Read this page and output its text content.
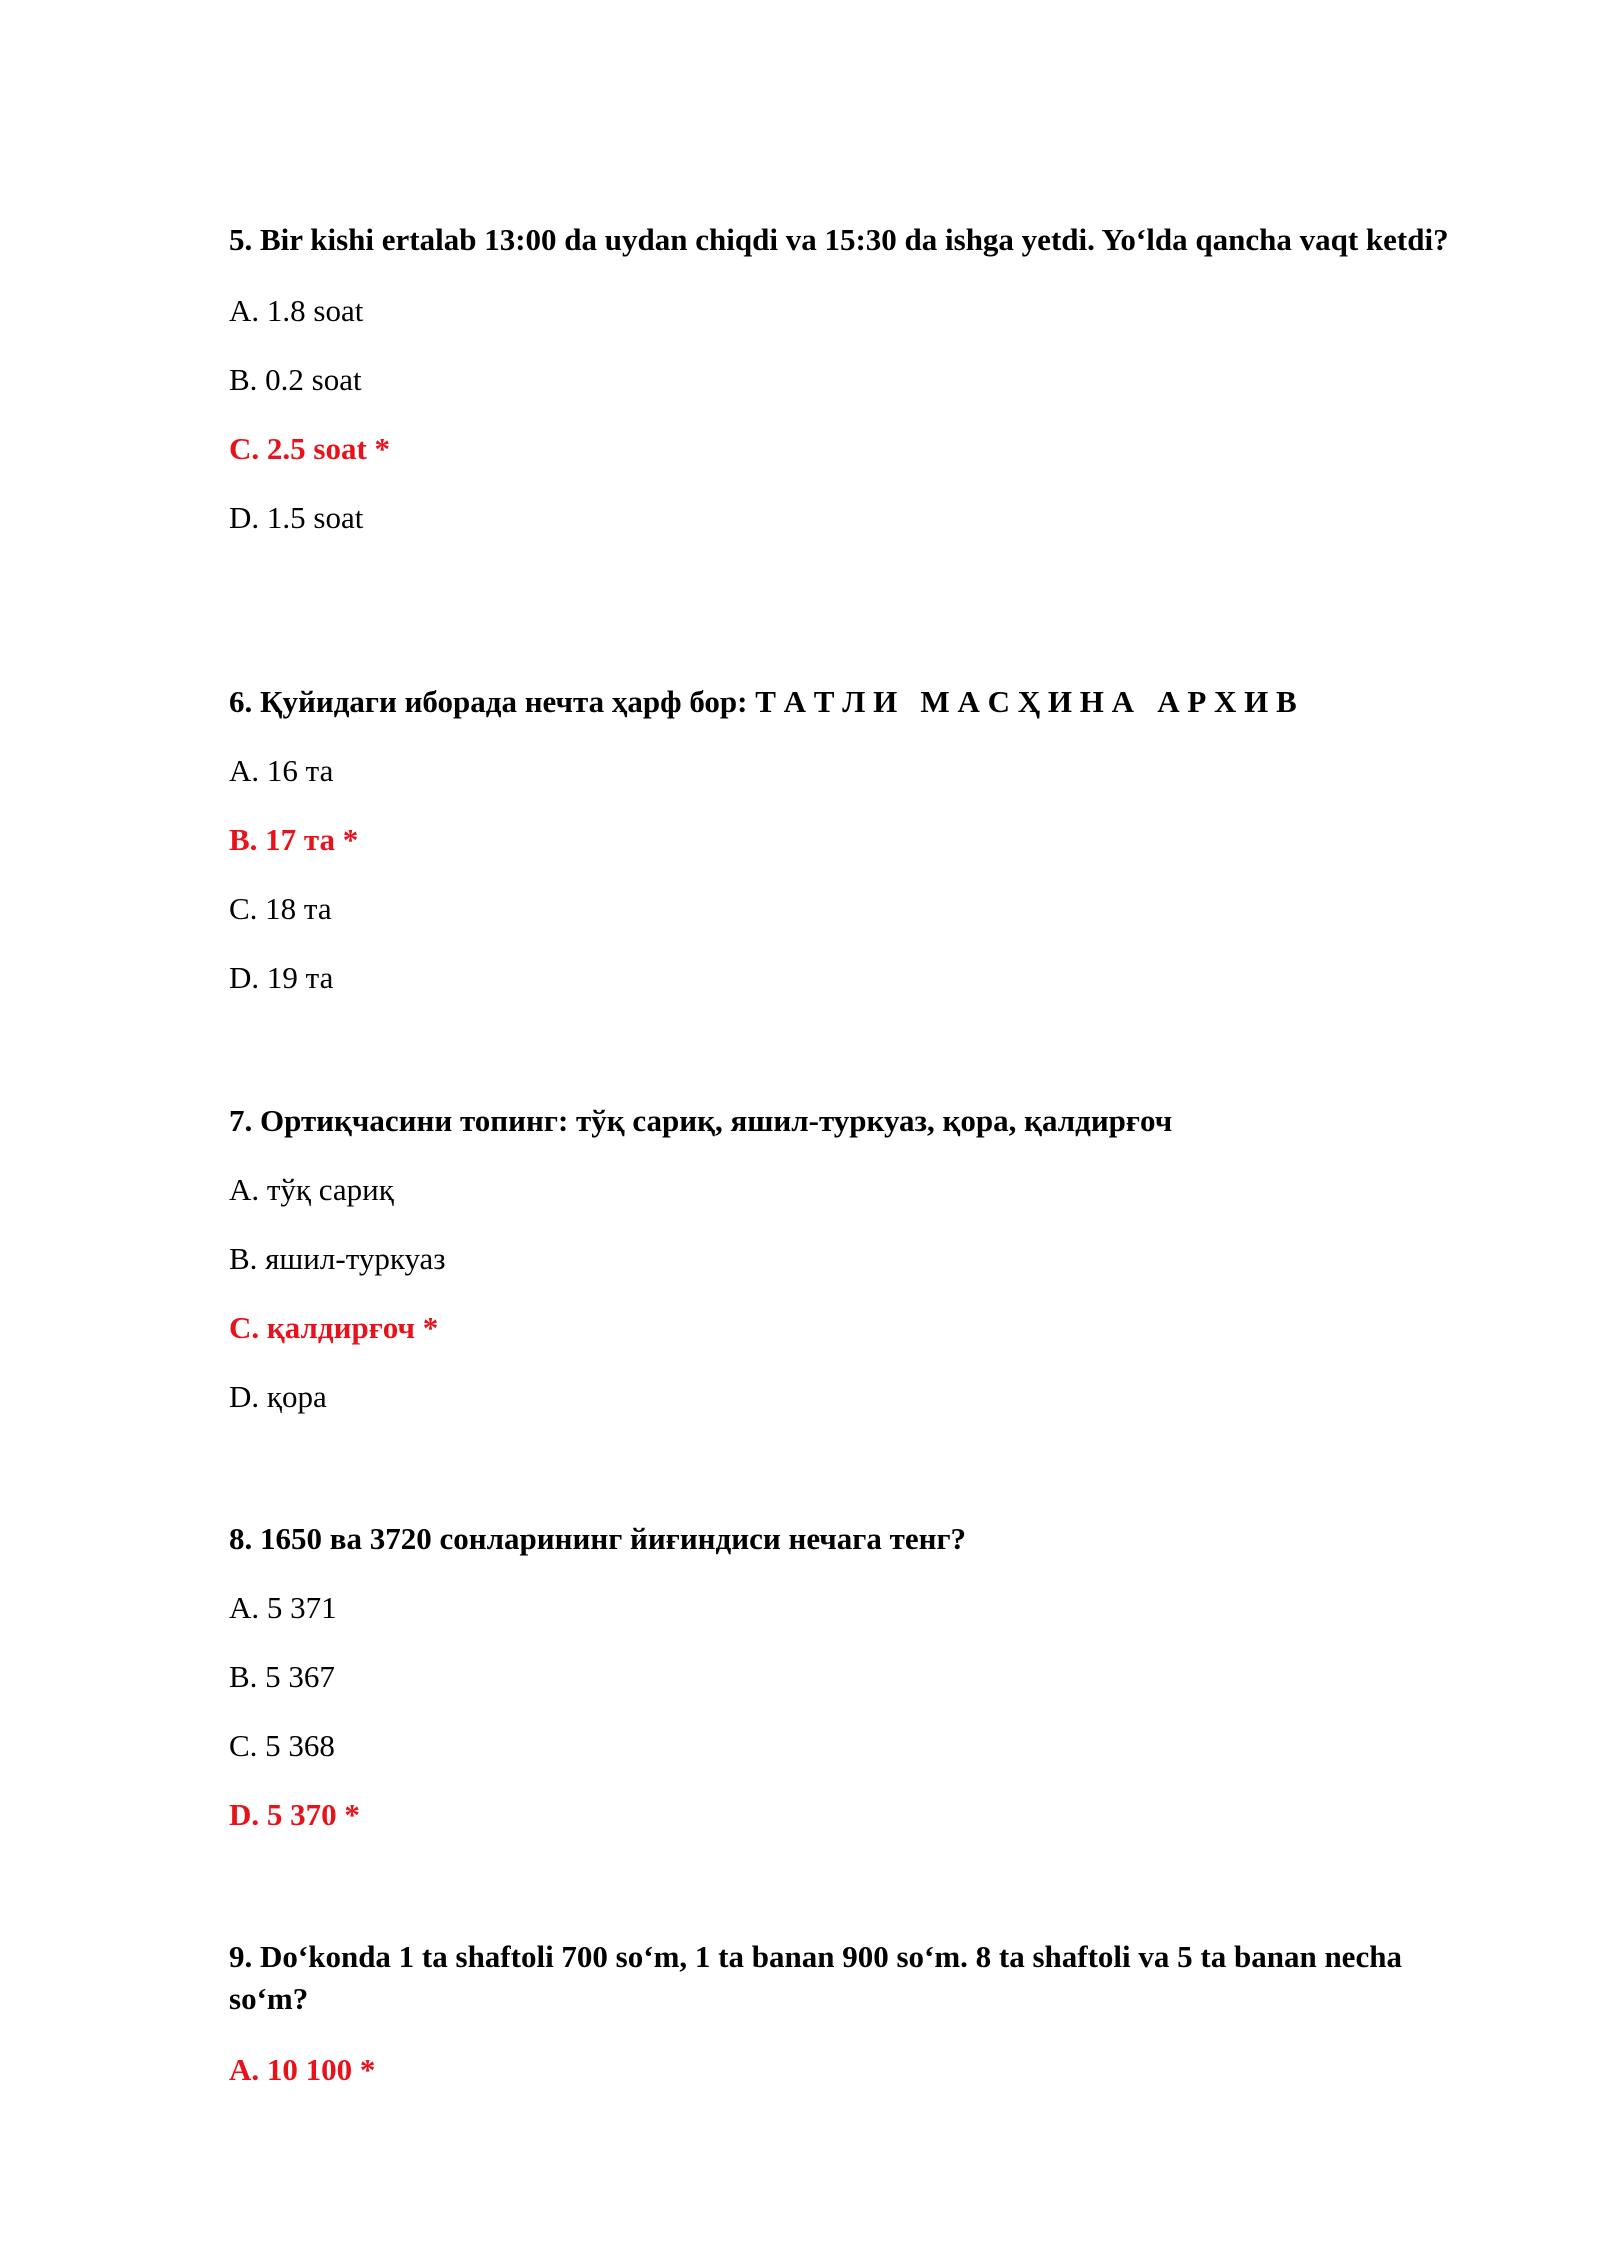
5. Bir kishi ertalab 13:00 da uydan chiqdi va 15:30 da ishga yetdi. Yo‘lda qancha vaqt ketdi?

A. 1.8 soat

B. 0.2 soat

C. 2.5 soat *

D. 1.5 soat

6. Қуйидаги иборада нечта ҳарф бор: Т А Т Л И   М А С Ҳ И Н А   А Р Х И В

A. 16 та

B. 17 та *

C. 18 та

D. 19 та

7. Ортиқчасини топинг: тўқ сариқ, яшил-туркуаз, қора, қалдирғоч

A. тўқ сариқ

B. яшил-туркуаз

C. қалдирғоч *

D. қора

8. 1650 ва 3720 сонларининг йиғиндиси нечага тенг?

A. 5 371

B. 5 367

C. 5 368

D. 5 370 *

9. Do‘konda 1 ta shaftoli 700 so‘m, 1 ta banan 900 so‘m. 8 ta shaftoli va 5 ta banan necha so‘m?

A. 10 100 *
